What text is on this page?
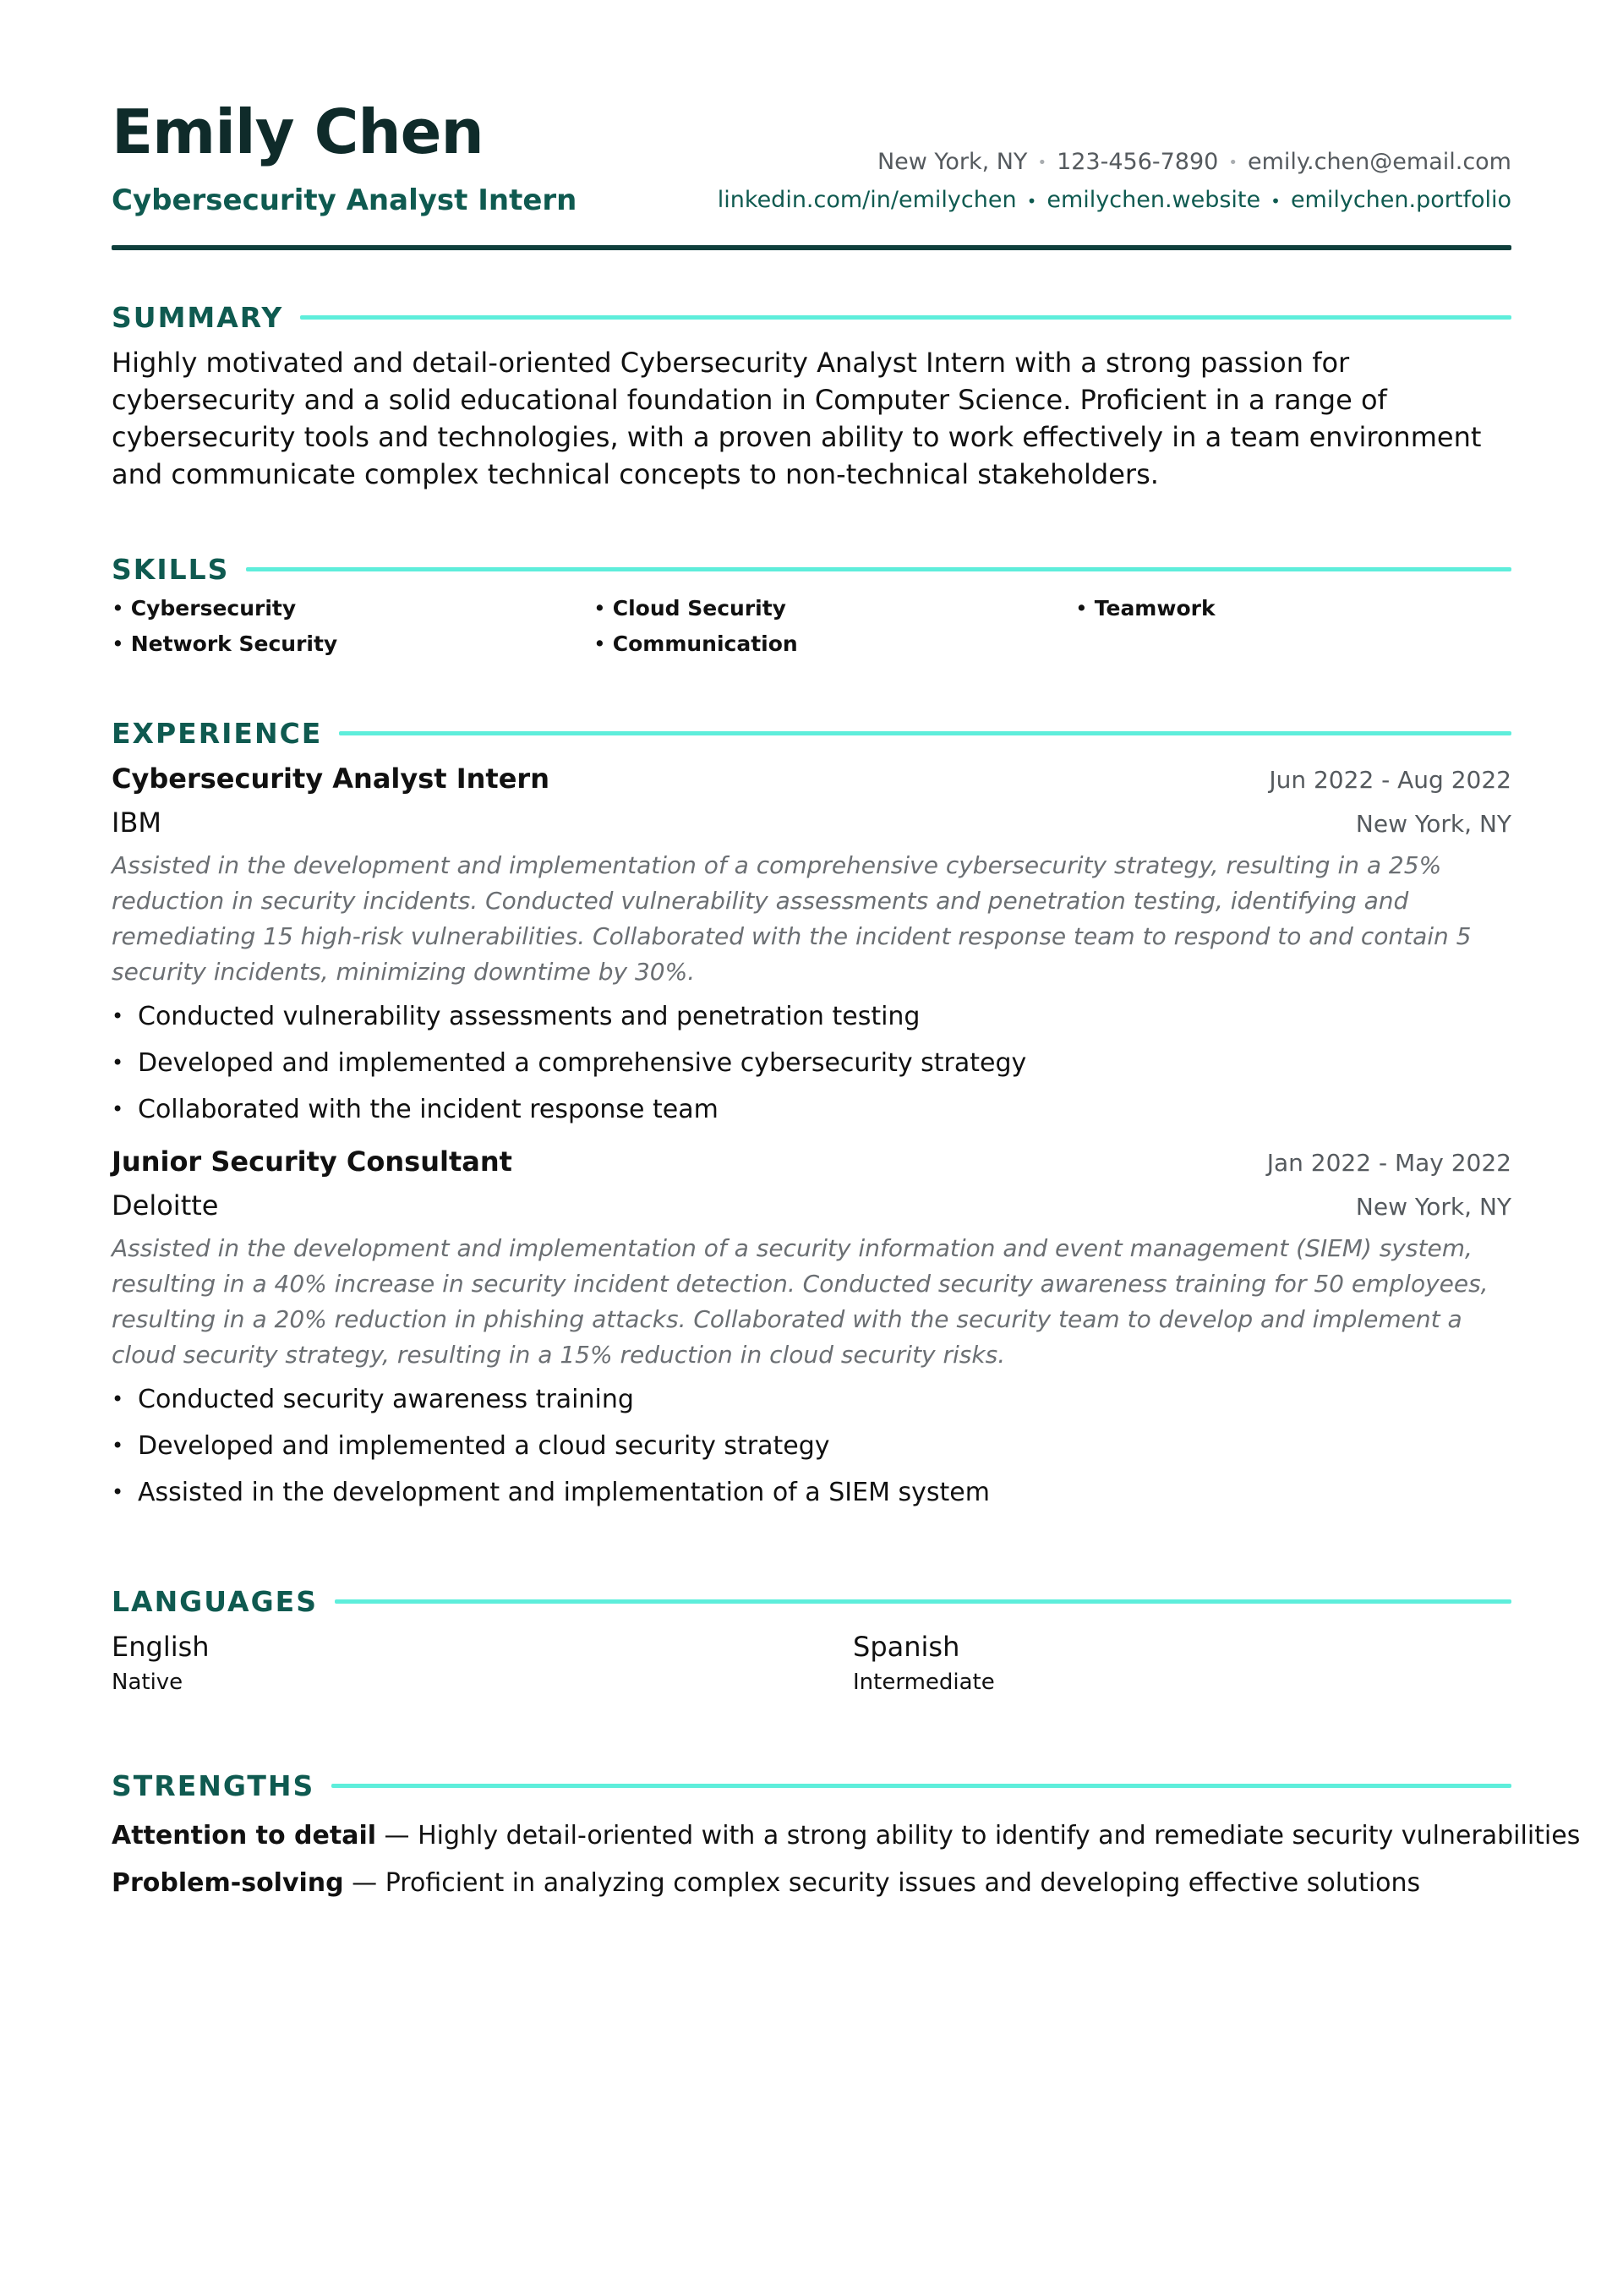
Emily Chen
Cybersecurity Analyst Intern
New York, NY • 123-456-7890 • emily.chen@email.com
linkedin.com/in/emilychen • emilychen.website • emilychen.portfolio
SUMMARY

Highly motivated and detail-oriented Cybersecurity Analyst Intern with a strong passion for cybersecurity and a solid educational foundation in Computer Science. Proficient in a range of cybersecurity tools and technologies, with a proven ability to work effectively in a team environment and communicate complex technical concepts to non-technical stakeholders.

SKILLS
• Cybersecurity	• Cloud Security	• Teamwork
• Network Security	• Communication
EXPERIENCE
Cybersecurity Analyst Intern	Jun 2022 - Aug 2022
IBM	New York, NY

Assisted in the development and implementation of a comprehensive cybersecurity strategy, resulting in a 25% reduction in security incidents. Conducted vulnerability assessments and penetration testing, identifying and remediating 15 high-risk vulnerabilities. Collaborated with the incident response team to respond to and contain 5 security incidents, minimizing downtime by 30%.

• Conducted vulnerability assessments and penetration testing
• Developed and implemented a comprehensive cybersecurity strategy
• Collaborated with the incident response team
Junior Security Consultant	Jan 2022 - May 2022
Deloitte	New York, NY

Assisted in the development and implementation of a security information and event management (SIEM) system, resulting in a 40% increase in security incident detection. Conducted security awareness training for 50 employees, resulting in a 20% reduction in phishing attacks. Collaborated with the security team to develop and implement a cloud security strategy, resulting in a 15% reduction in cloud security risks.

• Conducted security awareness training
• Developed and implemented a cloud security strategy
• Assisted in the development and implementation of a SIEM system
LANGUAGES
English
Native
Spanish
Intermediate
STRENGTHS
Attention to detail — Highly detail-oriented with a strong ability to identify and remediate security vulnerabilities
Problem-solving — Proficient in analyzing complex security issues and developing effective solutions
